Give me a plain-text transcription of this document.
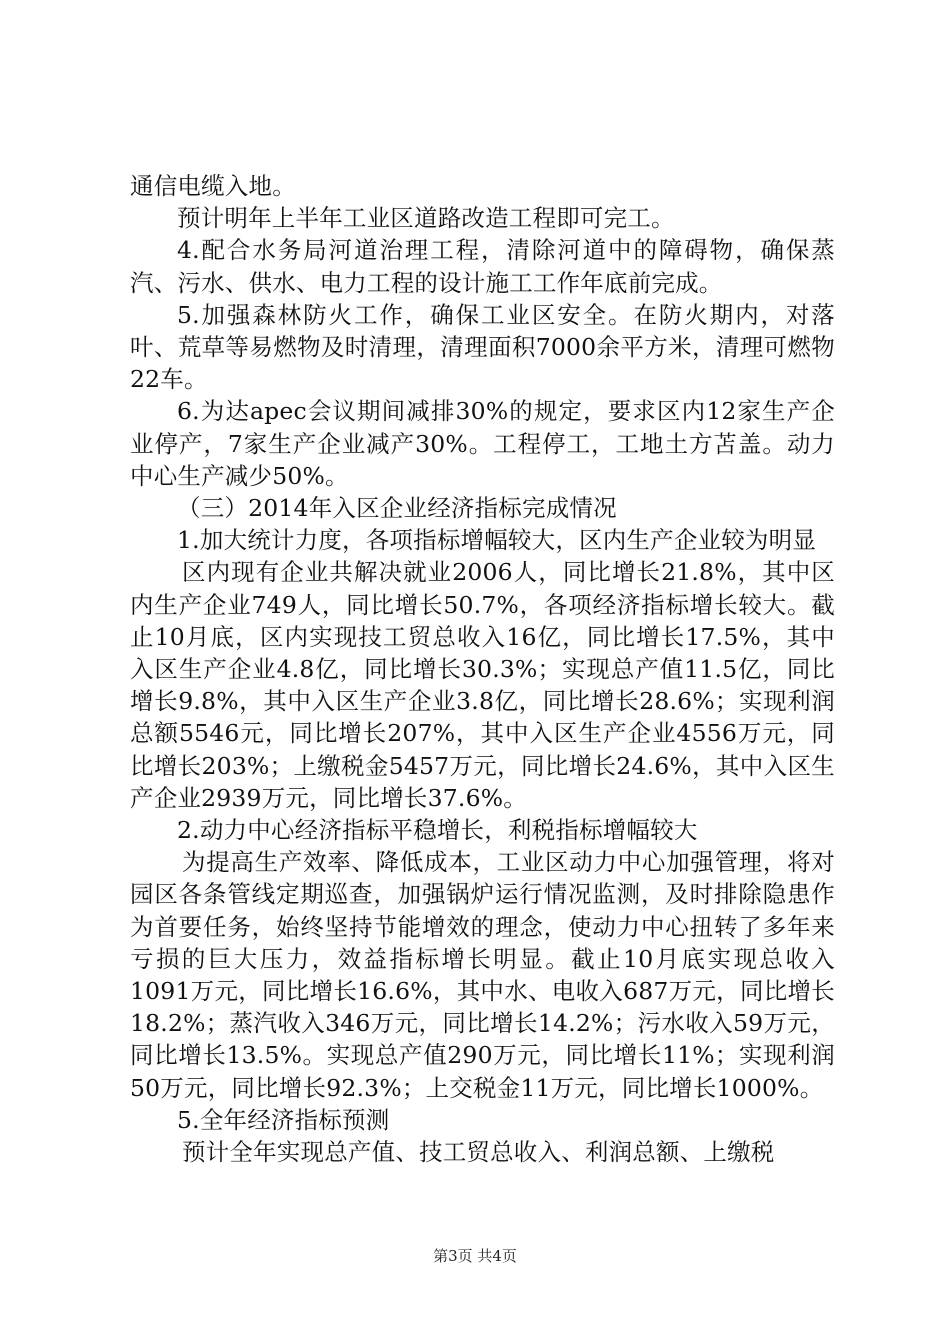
通信电缆入地。

预计明年上半年工业区道路改造工程即可完工。

4.配合水务局河道治理工程，清除河道中的障碍物，确保蒸汽、污水、供水、电力工程的设计施工工作年底前完成。

5.加强森林防火工作，确保工业区安全。在防火期内，对落叶、荒草等易燃物及时清理，清理面积7000余平方米，清理可燃物22车。

6.为达apec会议期间减排30%的规定，要求区内12家生产企业停产，7家生产企业减产30%。工程停工，工地土方苫盖。动力中心生产减少50%。

（三）2014年入区企业经济指标完成情况

1.加大统计力度，各项指标增幅较大，区内生产企业较为明显

区内现有企业共解决就业2006人，同比增长21.8%，其中区内生产企业749人，同比增长50.7%，各项经济指标增长较大。截止10月底，区内实现技工贸总收入16亿，同比增长17.5%，其中入区生产企业4.8亿，同比增长30.3%；实现总产值11.5亿，同比增长9.8%，其中入区生产企业3.8亿，同比增长28.6%；实现利润总额5546元，同比增长207%，其中入区生产企业4556万元，同比增长203%；上缴税金5457万元，同比增长24.6%，其中入区生产企业2939万元，同比增长37.6%。

2.动力中心经济指标平稳增长，利税指标增幅较大

为提高生产效率、降低成本，工业区动力中心加强管理，将对园区各条管线定期巡查，加强锅炉运行情况监测，及时排除隐患作为首要任务，始终坚持节能增效的理念，使动力中心扭转了多年来亏损的巨大压力，效益指标增长明显。截止10月底实现总收入1091万元，同比增长16.6%，其中水、电收入687万元，同比增长18.2%；蒸汽收入346万元，同比增长14.2%；污水收入59万元，同比增长13.5%。实现总产值290万元，同比增长11%；实现利润50万元，同比增长92.3%；上交税金11万元，同比增长1000%。

5.全年经济指标预测

预计全年实现总产值、技工贸总收入、利润总额、上缴税

第3页 共4页
